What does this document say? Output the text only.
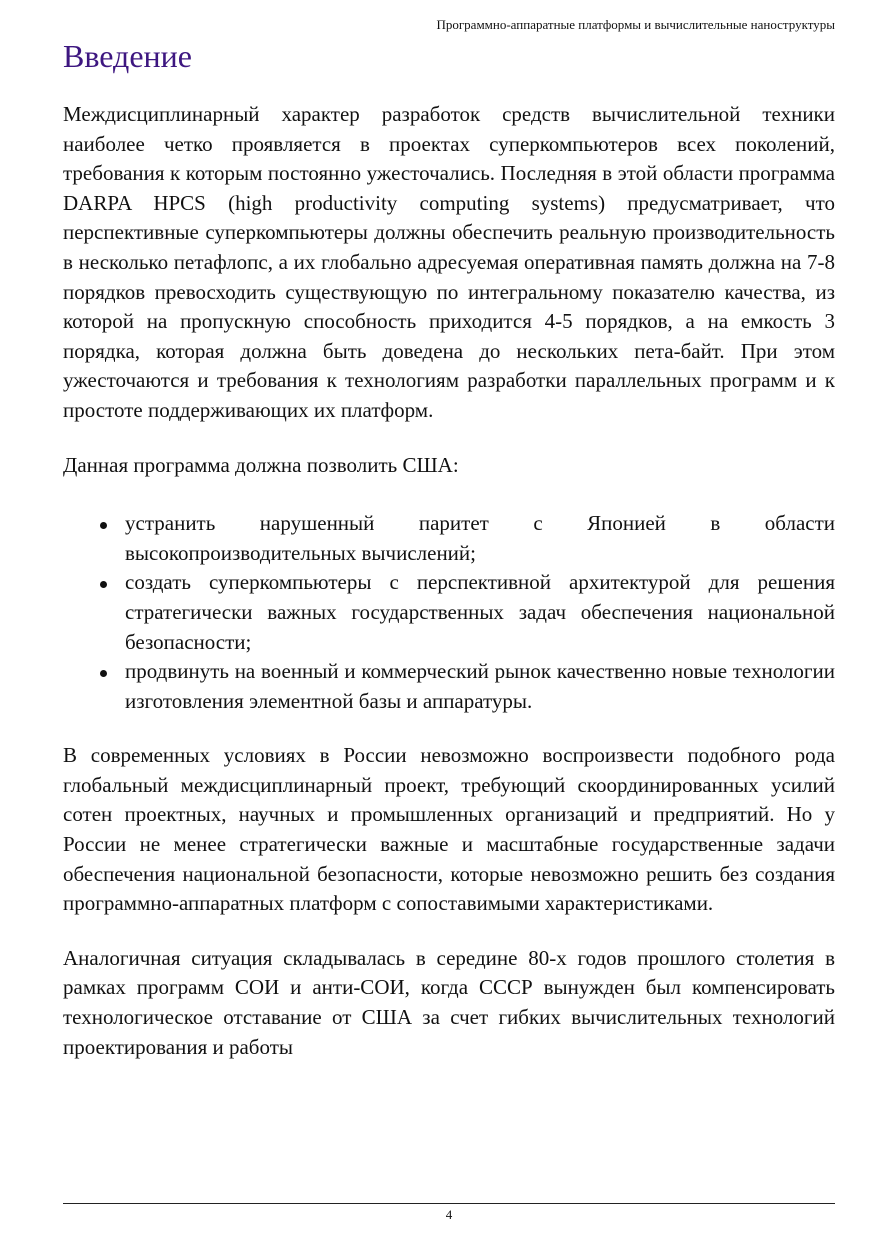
Программно-аппаратные платформы и вычислительные наноструктуры
Введение

Междисциплинарный характер разработок средств вычислительной техники наиболее четко проявляется в проектах суперкомпьютеров всех поколений, требования к которым постоянно ужесточались. Последняя в этой области программа DARPA HPCS (high productivity computing systems) предусматривает, что перспективные суперкомпьютеры должны обеспечить реальную производительность в несколько петафлопс, а их глобально адресуемая оперативная память должна на 7-8 порядков превосходить существующую по интегральному показателю качества, из которой на пропускную способность приходится 4-5 порядков, а на емкость 3 порядка, которая должна быть доведена до нескольких пета-байт. При этом ужесточаются и требования к технологиям разработки параллельных программ и к простоте поддерживающих их платформ.

Данная программа должна позволить США:

устранить нарушенный паритет с Японией в области высокопроизводительных вычислений;
создать суперкомпьютеры с перспективной архитектурой для решения стратегически важных государственных задач обеспечения национальной безопасности;
продвинуть на военный и коммерческий рынок качественно новые технологии изготовления элементной базы и аппаратуры.

В современных условиях в России невозможно воспроизвести подобного рода глобальный междисциплинарный проект, требующий скоординированных усилий сотен проектных, научных и промышленных организаций и предприятий. Но у России не менее стратегически важные и масштабные государственные задачи обеспечения национальной безопасности, которые невозможно решить без создания программно-аппаратных платформ с сопоставимыми характеристиками.

Аналогичная ситуация складывалась в середине 80-х годов прошлого столетия в рамках программ СОИ и анти-СОИ, когда СССР вынужден был компенсировать технологическое отставание от США за счет гибких вычислительных технологий проектирования и работы

4
